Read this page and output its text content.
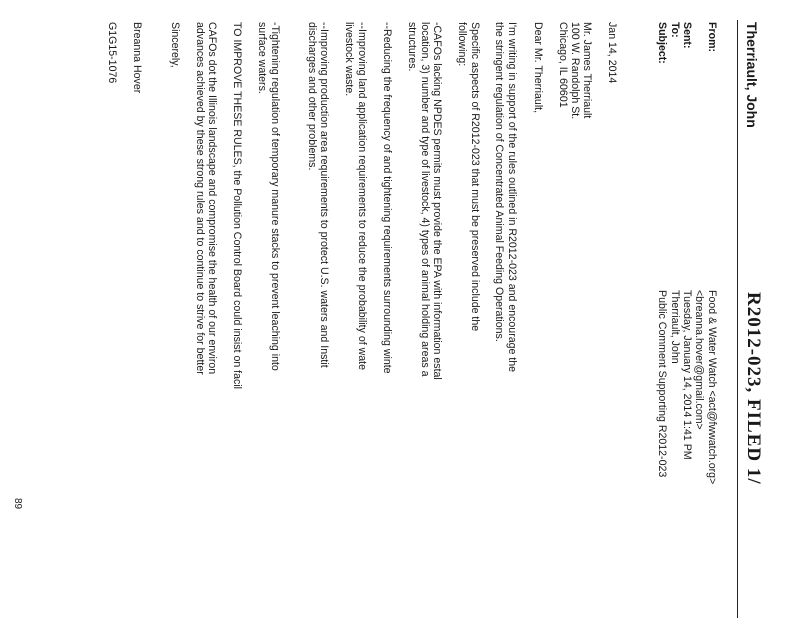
Therriault, John
R2012-023, FILED 1/
From:
Food & Water Watch <act@fwwatch.org>
<breanna.hover@gmail.com>
Sent:
Tuesday, January 14, 2014 1:41 PM
To:
Therriault, John
Subject:
Public Comment Supporting R2012-023
Jan 14, 2014
Mr. James Therriault
100 W. Randolph St.
Chicago, IL 60601
Dear Mr. Therriault,
I'm writing in support of the rules outlined in R2012-023 and encourage the
the stringent regulation of Concentrated Animal Feeding Operations.
Specific aspects of R2012-023 that must be preserved include the
following:
-CAFOs lacking NPDES permits must provide the EPA with information estal
location, 3) number and type of livestock, 4) types of animal holding areas a
structures.
--Reducing the frequency of and tightening requirements surrounding winte
--Improving land application requirements to reduce the probability of wate
livestock waste.
--Improving production area requirements to protect U.S. waters and Instit
discharges and other problems.
-Tightening regulation of temporary manure stacks to prevent leaching into
surface waters.
TO IMPROVE THESE RULES, the Pollution Control Board could insist on facil
CAFOs dot the Illinois landscape and compromise the health of our environ
advances achieved by these strong rules and to continue to strive for better
Sincerely,
Breanna Hover
G1G15-1076
89
